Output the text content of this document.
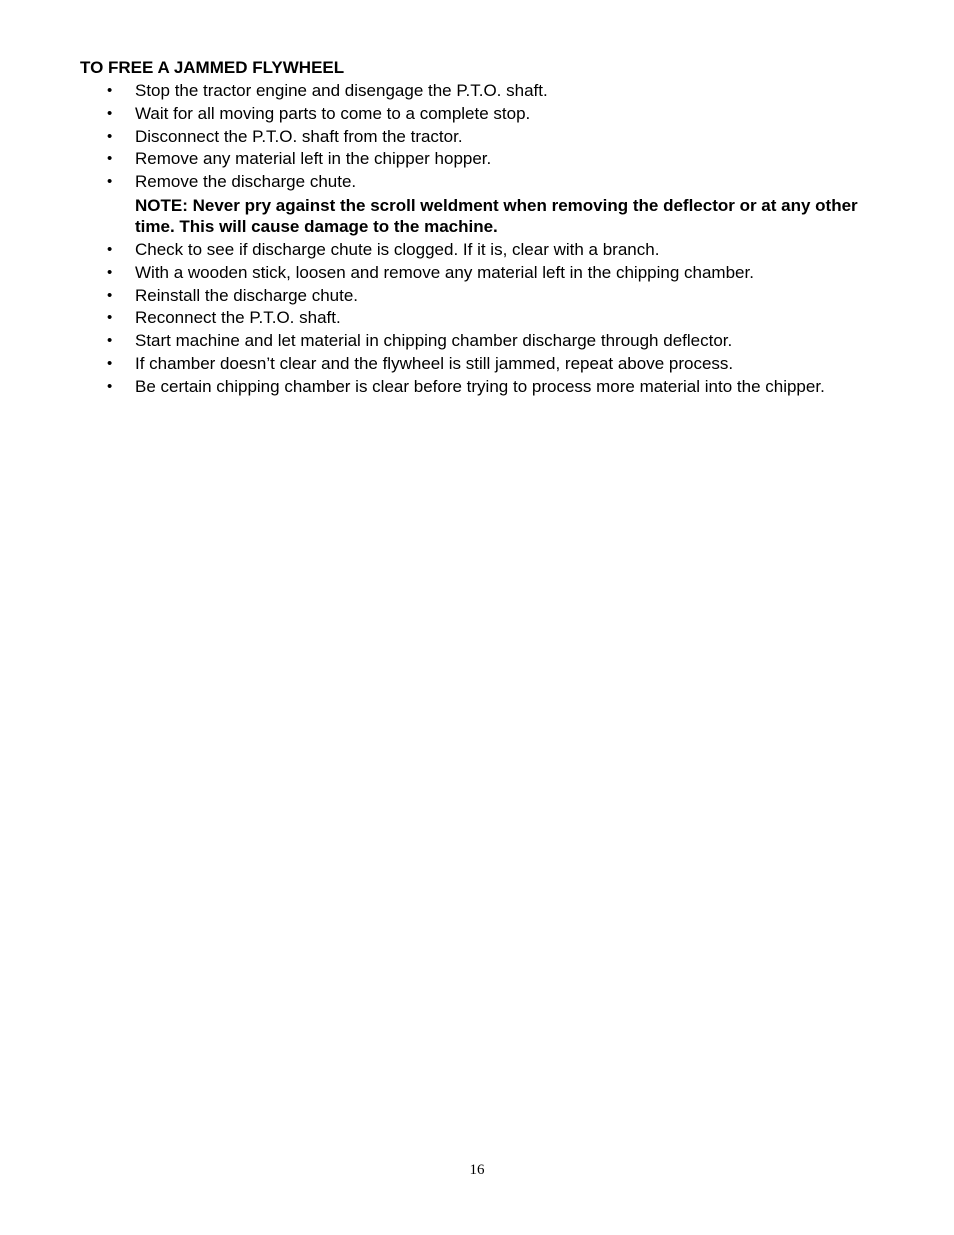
TO FREE A JAMMED FLYWHEEL
• Stop the tractor engine and disengage the P.T.O. shaft.
• Wait for all moving parts to come to a complete stop.
• Disconnect the P.T.O. shaft from the tractor.
• Remove any material left in the chipper hopper.
• Remove the discharge chute.
NOTE: Never pry against the scroll weldment when removing the deflector or at any other time. This will cause damage to the machine.
• Check to see if discharge chute is clogged. If it is, clear with a branch.
• With a wooden stick, loosen and remove any material left in the chipping chamber.
• Reinstall the discharge chute.
• Reconnect the P.T.O. shaft.
• Start machine and let material in chipping chamber discharge through deflector.
• If chamber doesn’t clear and the flywheel is still jammed, repeat above process.
• Be certain chipping chamber is clear before trying to process more material into the chipper.
16
